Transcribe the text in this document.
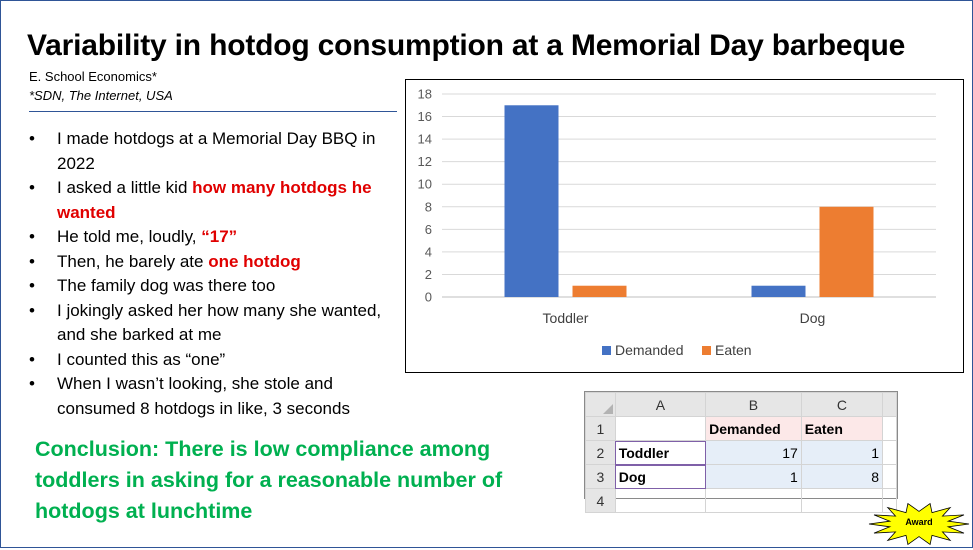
Variability in hotdog consumption at a Memorial Day barbeque
E. School Economics*
*SDN, The Internet, USA
• I made hotdogs at a Memorial Day BBQ in 2022
• I asked a little kid how many hotdogs he wanted
• He told me, loudly, “17”
• Then, he barely ate one hotdog
• The family dog was there too
• I jokingly asked her how many she wanted, and she barked at me
• I counted this as “one”
• When I wasn’t looking, she stole and consumed 8 hotdogs in like, 3 seconds
Conclusion: There is low compliance among toddlers in asking for a reasonable number of hotdogs at lunchtime
0
2
4
6
8
10
12
14
16
18
Toddler	Dog
Demanded Eaten
	A	B	C	
1		Demanded	Eaten	
2	Toddler	17	1	
3	Dog	1	8	
4				
Award
